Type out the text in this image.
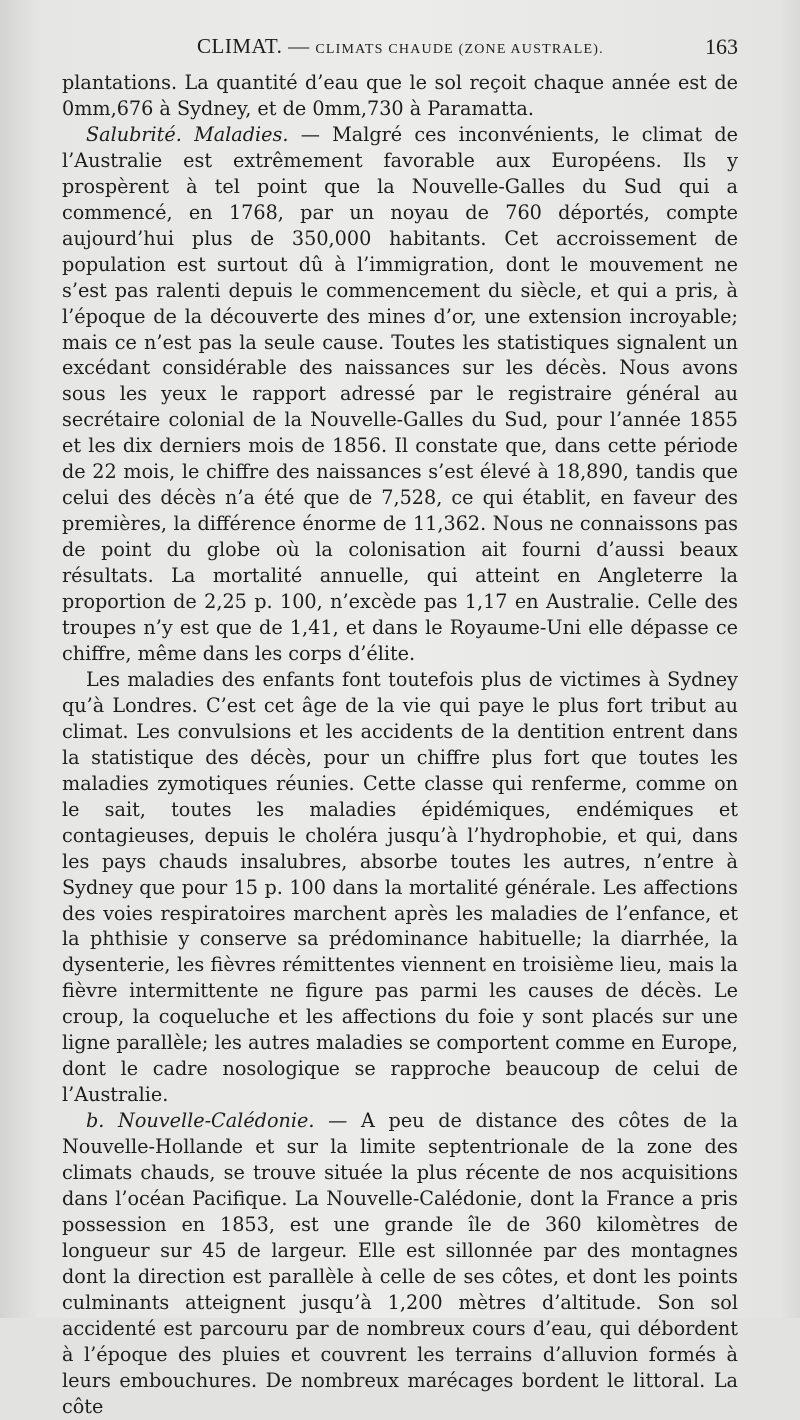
CLIMAT. — CLIMATS CHAUDE (ZONE AUSTRALE).	163

plantations. La quantité d’eau que le sol reçoit chaque année est de 0mm,676 à Sydney, et de 0mm,730 à Paramatta.

Salubrité. Maladies. — Malgré ces inconvénients, le climat de l’Australie est extrêmement favorable aux Européens. Ils y prospèrent à tel point que la Nouvelle-Galles du Sud qui a commencé, en 1768, par un noyau de 760 déportés, compte aujourd’hui plus de 350,000 habitants. Cet accroissement de population est surtout dû à l’immigration, dont le mouvement ne s’est pas ralenti depuis le commencement du siècle, et qui a pris, à l’époque de la découverte des mines d’or, une extension incroyable; mais ce n’est pas la seule cause. Toutes les statistiques signalent un excédant considérable des naissances sur les décès. Nous avons sous les yeux le rapport adressé par le registraire général au secrétaire colonial de la Nouvelle-Galles du Sud, pour l’année 1855 et les dix derniers mois de 1856. Il constate que, dans cette période de 22 mois, le chiffre des naissances s’est élevé à 18,890, tandis que celui des décès n’a été que de 7,528, ce qui établit, en faveur des premières, la différence énorme de 11,362. Nous ne connaissons pas de point du globe où la colonisation ait fourni d’aussi beaux résultats. La mortalité annuelle, qui atteint en Angleterre la proportion de 2,25 p. 100, n’excède pas 1,17 en Australie. Celle des troupes n’y est que de 1,41, et dans le Royaume-Uni elle dépasse ce chiffre, même dans les corps d’élite.

Les maladies des enfants font toutefois plus de victimes à Sydney qu’à Londres. C’est cet âge de la vie qui paye le plus fort tribut au climat. Les convulsions et les accidents de la dentition entrent dans la statistique des décès, pour un chiffre plus fort que toutes les maladies zymotiques réunies. Cette classe qui renferme, comme on le sait, toutes les maladies épidémiques, endémiques et contagieuses, depuis le choléra jusqu’à l’hydrophobie, et qui, dans les pays chauds insalubres, absorbe toutes les autres, n’entre à Sydney que pour 15 p. 100 dans la mortalité générale. Les affections des voies respiratoires marchent après les maladies de l’enfance, et la phthisie y conserve sa prédominance habituelle; la diarrhée, la dysenterie, les fièvres rémittentes viennent en troisième lieu, mais la fièvre intermittente ne figure pas parmi les causes de décès. Le croup, la coqueluche et les affections du foie y sont placés sur une ligne parallèle; les autres maladies se comportent comme en Europe, dont le cadre nosologique se rapproche beaucoup de celui de l’Australie.

b. Nouvelle-Calédonie. — A peu de distance des côtes de la Nouvelle-Hollande et sur la limite septentrionale de la zone des climats chauds, se trouve située la plus récente de nos acquisitions dans l’océan Pacifique. La Nouvelle-Calédonie, dont la France a pris possession en 1853, est une grande île de 360 kilomètres de longueur sur 45 de largeur. Elle est sillonnée par des montagnes dont la direction est parallèle à celle de ses côtes, et dont les points culminants atteignent jusqu’à 1,200 mètres d’altitude. Son sol accidenté est parcouru par de nombreux cours d’eau, qui débordent à l’époque des pluies et couvrent les terrains d’alluvion formés à leurs embouchures. De nombreux marécages bordent le littoral. La côte
